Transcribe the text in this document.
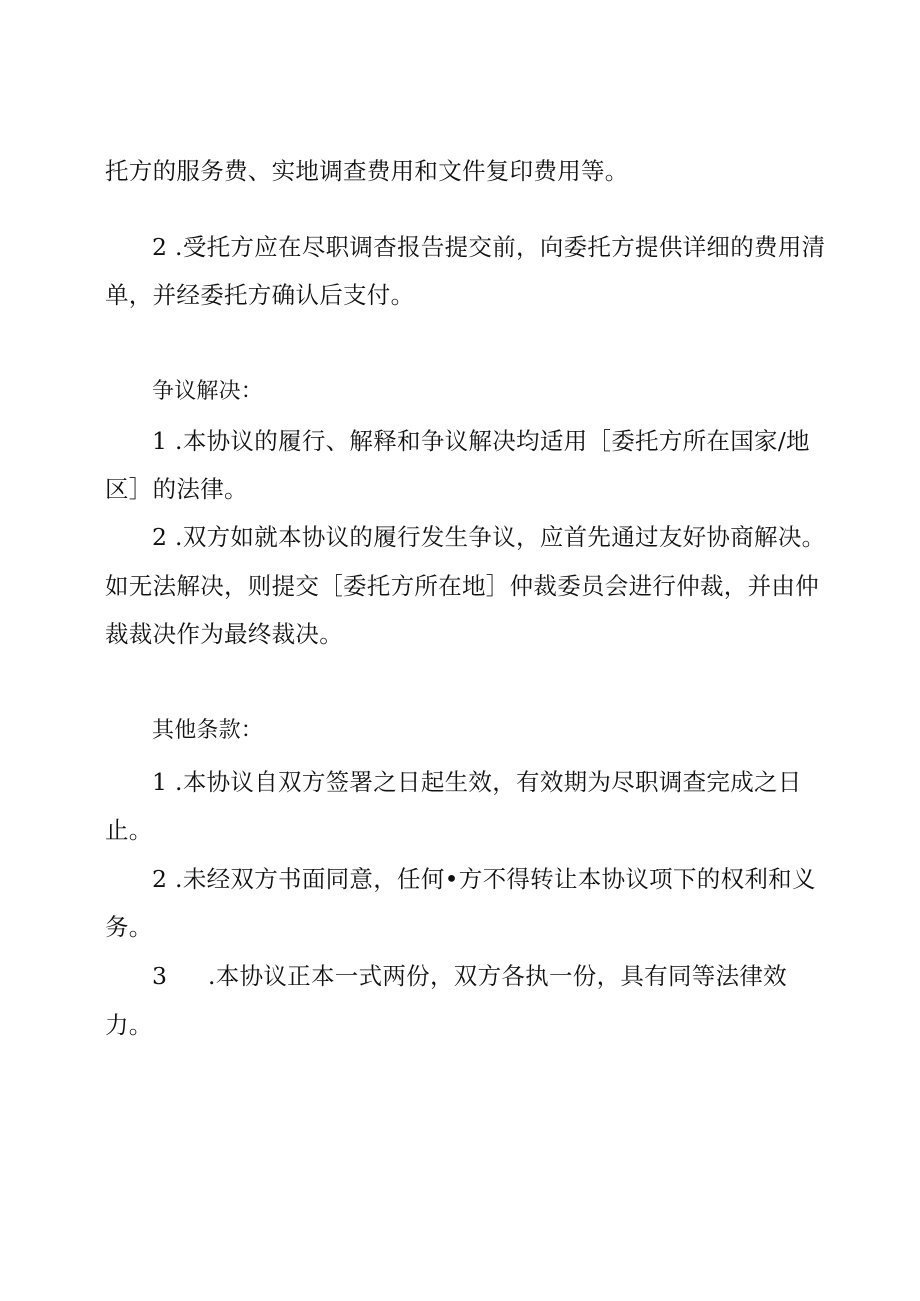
托方的服务费、实地调查费用和文件复印费用等。
2 .受托方应在尽职调杳报告提交前，向委托方提供详细的费用清
单，并经委托方确认后支付。
争议解决：
1 .本协议的履行、解释和争议解决均适用［委托方所在国家/地
区］的法律。
2 .双方如就本协议的履行发生争议，应首先通过友好协商解决。
如无法解决，则提交［委托方所在地］仲裁委员会进行仲裁，并由仲
裁裁决作为最终裁决。
其他条款：
1 .本协议自双方签署之日起生效，有效期为尽职调查完成之日
止。
2 .未经双方书面同意，任何•方不得转让本协议项下的权利和义
务。
3 .本协议正本一式两份，双方各执一份，具有同等法律效
力。
